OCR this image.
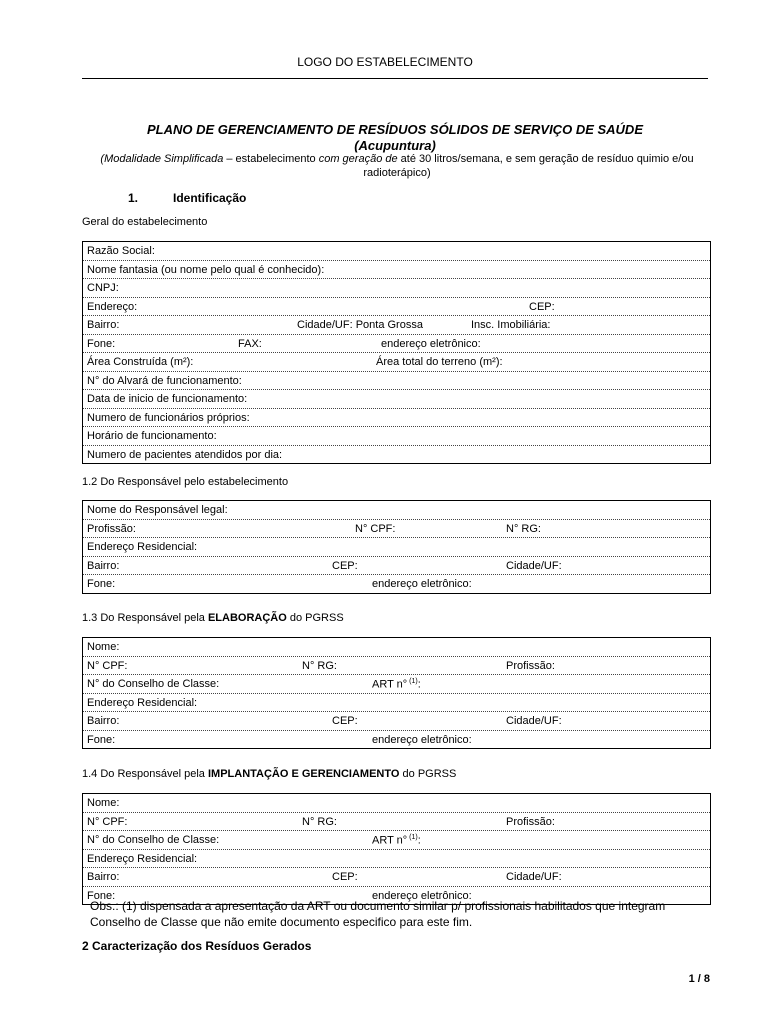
LOGO DO ESTABELECIMENTO
PLANO DE GERENCIAMENTO DE RESÍDUOS SÓLIDOS DE SERVIÇO DE SAÚDE
(Acupuntura)
(Modalidade Simplificada – estabelecimento com geração de até 30 litros/semana, e sem geração de resíduo quimio e/ou radioterápico)
1.	Identificação
Geral do estabelecimento
Razão Social:
Nome fantasia (ou nome pelo qual é conhecido):
CNPJ:
Endereço:	CEP:
Bairro:	Cidade/UF: Ponta Grossa	Insc. Imobiliária:
Fone:	FAX:	endereço eletrônico:
Área Construída (m²):	Área total do terreno (m²):
N° do Alvará de funcionamento:
Data de inicio de funcionamento:
Numero de funcionários próprios:
Horário de funcionamento:
Numero de pacientes atendidos por dia:
1.2 Do Responsável pelo estabelecimento
Nome do Responsável legal:
Profissão:	N° CPF:	N° RG:
Endereço Residencial:
Bairro:	CEP:	Cidade/UF:
Fone:	endereço eletrônico:
1.3 Do Responsável pela ELABORAÇÃO do PGRSS
Nome:
N° CPF:	N° RG:	Profissão:
N° do Conselho de Classe:	ART n° $^{(1)}$:
Endereço Residencial:
Bairro:	CEP:	Cidade/UF:
Fone:	endereço eletrônico:
1.4 Do Responsável pela IMPLANTAÇÃO E GERENCIAMENTO do PGRSS
Nome:
N° CPF:	N° RG:	Profissão:
N° do Conselho de Classe:	ART n° $^{(1)}$:
Endereço Residencial:
Bairro:	CEP:	Cidade/UF:
Fone:	endereço eletrônico:
Obs.: (1) dispensada a apresentação da ART ou documento similar p/ profissionais habilitados que integram Conselho de Classe que não emite documento especifico para este fim.
2 Caracterização dos Resíduos Gerados
1 / 8
